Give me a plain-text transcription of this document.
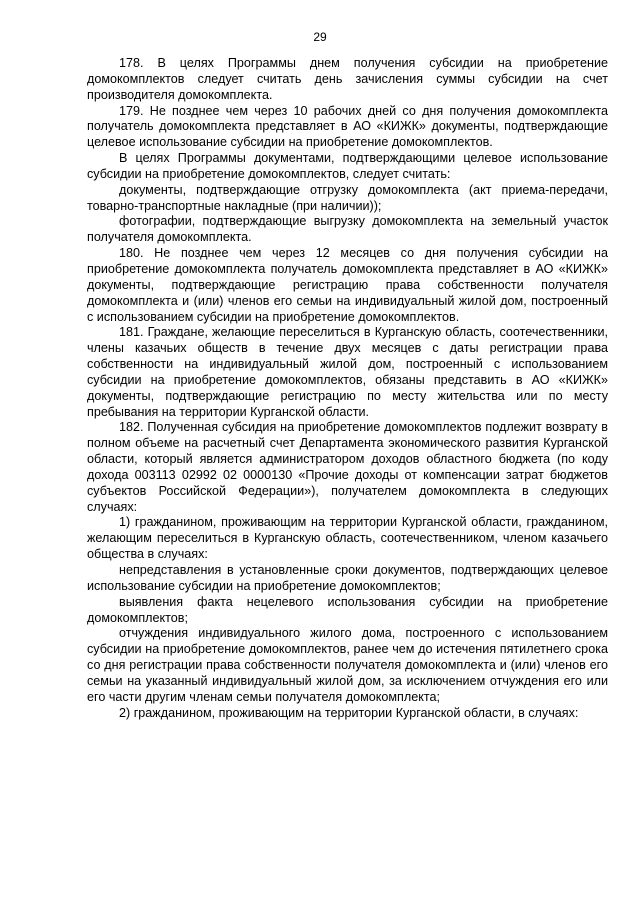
29

178. В целях Программы днем получения субсидии на приобретение домокомплектов следует считать день зачисления суммы субсидии на счет производителя домокомплекта.

179. Не позднее чем через 10 рабочих дней со дня получения домокомплекта получатель домокомплекта представляет в АО «КИЖК» документы, подтверждающие целевое использование субсидии на приобретение домокомплектов.

В целях Программы документами, подтверждающими целевое использование субсидии на приобретение домокомплектов, следует считать:

документы, подтверждающие отгрузку домокомплекта (акт приема-передачи, товарно-транспортные накладные (при наличии));

фотографии, подтверждающие выгрузку домокомплекта на земельный участок получателя домокомплекта.

180. Не позднее чем через 12 месяцев со дня получения субсидии на приобретение домокомплекта получатель домокомплекта представляет в АО «КИЖК» документы, подтверждающие регистрацию права собственности получателя домокомплекта и (или) членов его семьи на индивидуальный жилой дом, построенный с использованием субсидии на приобретение домокомплектов.

181. Граждане, желающие переселиться в Курганскую область, соотечественники, члены казачьих обществ в течение двух месяцев с даты регистрации права собственности на индивидуальный жилой дом, построенный с использованием субсидии на приобретение домокомплектов, обязаны представить в АО «КИЖК» документы, подтверждающие регистрацию по месту жительства или по месту пребывания на территории Курганской области.

182. Полученная субсидия на приобретение домокомплектов подлежит возврату в полном объеме на расчетный счет Департамента экономического развития Курганской области, который является администратором доходов областного бюджета (по коду дохода 003113 02992 02 0000130 «Прочие доходы от компенсации затрат бюджетов субъектов Российской Федерации»), получателем домокомплекта в следующих случаях:

1) гражданином, проживающим на территории Курганской области, гражданином, желающим переселиться в Курганскую область, соотечественником, членом казачьего общества в случаях:

непредставления в установленные сроки документов, подтверждающих целевое использование субсидии на приобретение домокомплектов;

выявления факта нецелевого использования субсидии на приобретение домокомплектов;

отчуждения индивидуального жилого дома, построенного с использованием субсидии на приобретение домокомплектов, ранее чем до истечения пятилетнего срока со дня регистрации права собственности получателя домокомплекта и (или) членов его семьи на указанный индивидуальный жилой дом, за исключением отчуждения его или его части другим членам семьи получателя домокомплекта;

2) гражданином, проживающим на территории Курганской области, в случаях:
